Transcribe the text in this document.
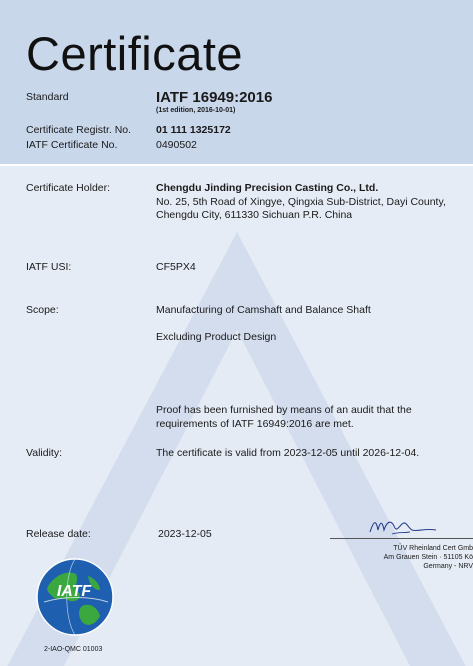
Certificate
Standard	IATF 16949:2016
(1st edition, 2016-10-01)
Certificate Registr. No. 01 111 1325172
IATF Certificate No.	0490502
Certificate Holder:	Chengdu Jinding Precision Casting Co., Ltd.
No. 25, 5th Road of Xingye, Qingxia Sub-District, Dayi County,
Chengdu City, 611330 Sichuan P.R. China
IATF USI:	CF5PX4
Scope:	Manufacturing of Camshaft and Balance Shaft
Excluding Product Design
Proof has been furnished by means of an audit that the
requirements of IATF 16949:2016 are met.
Validity:	The certificate is valid from 2023-12-05 until 2026-12-04.
Release date:	2023-12-05
TÜV Rheinland Cert Gmb
Am Grauen Stein · 51105 Kö
Germany - NRV
IATF
2-IAO-QMC 01003
